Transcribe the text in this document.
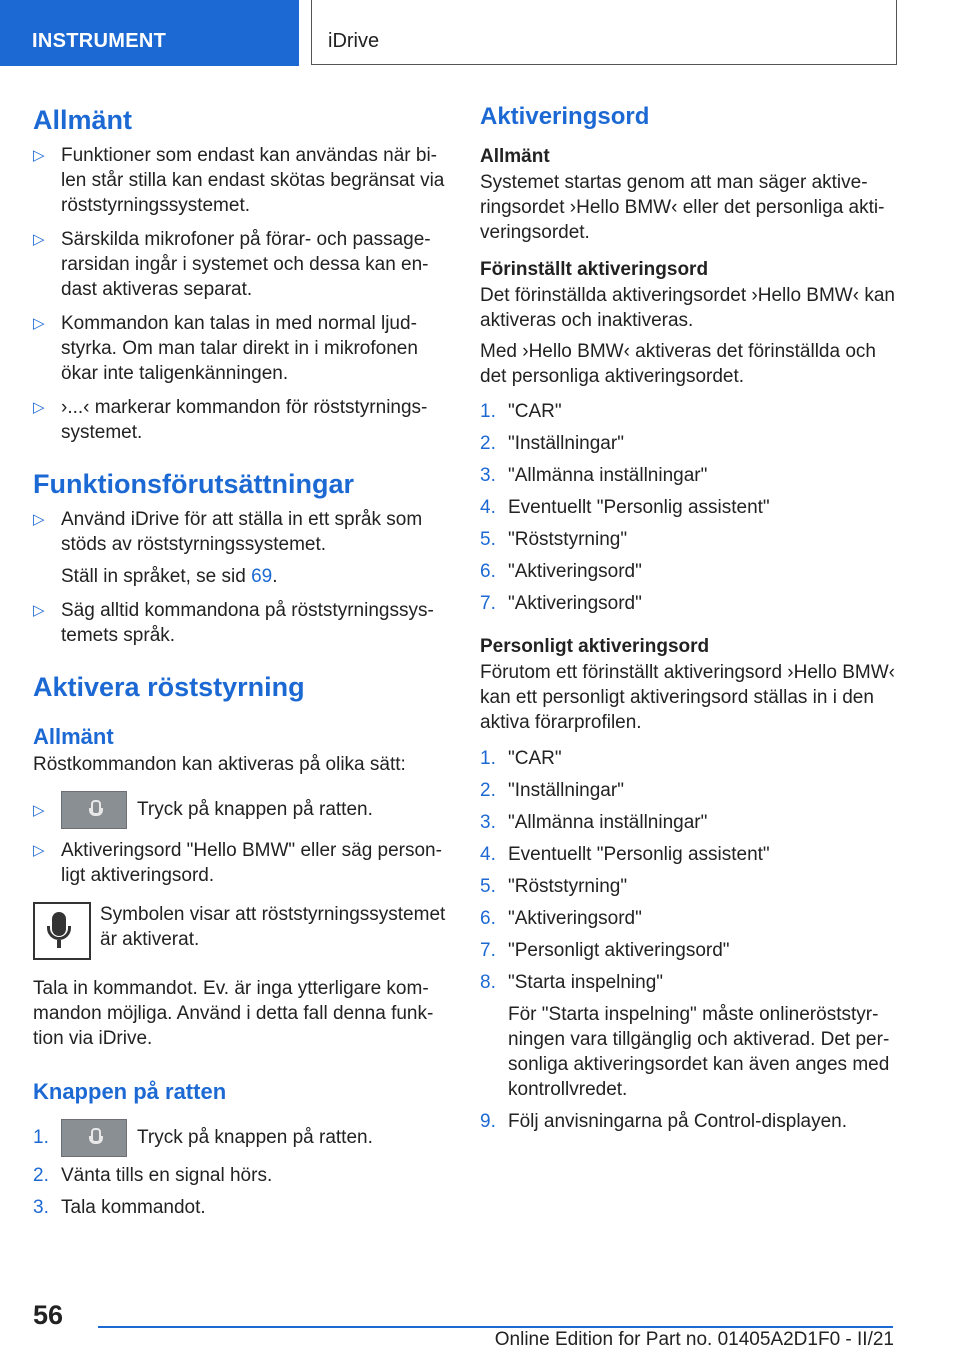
INSTRUMENT	iDrive
Allmänt
▷ Funktioner som endast kan användas när bi-len står stilla kan endast skötas begränsat via röststyrningssystemet.
▷ Särskilda mikrofoner på förar- och passage-rarsidan ingår i systemet och dessa kan en-dast aktiveras separat.
▷ Kommandon kan talas in med normal ljud-styrka. Om man talar direkt in i mikrofonen ökar inte taligenkänningen.
▷ ›...‹ markerar kommandon för röststyrnings-systemet.
Funktionsförutsättningar
▷ Använd iDrive för att ställa in ett språk som stöds av röststyrningssystemet.
Ställ in språket, se sid 69.
▷ Säg alltid kommandona på röststyrningssys-temets språk.
Aktivera röststyrning
Allmänt

Röstkommandon kan aktiveras på olika sätt:

▷	Tryck på knappen på ratten.
▷ Aktiveringsord "Hello BMW" eller säg person-ligt aktiveringsord.

Symbolen visar att röststyrningssystemet är aktiverat.

Tala in kommandot. Ev. är inga ytterligare kom-mandon möjliga. Använd i detta fall denna funk-tion via iDrive.

Knappen på ratten
1.	Tryck på knappen på ratten.
2. Vänta tills en signal hörs.
3. Tala kommandot.
Aktiveringsord
Allmänt

Systemet startas genom att man säger aktive-ringsordet ›Hello BMW‹ eller det personliga akti-veringsordet.

Förinställt aktiveringsord

Det förinställda aktiveringsordet ›Hello BMW‹ kan aktiveras och inaktiveras.

Med ›Hello BMW‹ aktiveras det förinställda och det personliga aktiveringsordet.

1. "CAR"
2. "Inställningar"
3. "Allmänna inställningar"
4. Eventuellt "Personlig assistent"
5. "Röststyrning"
6. "Aktiveringsord"
7. "Aktiveringsord"
Personligt aktiveringsord

Förutom ett förinställt aktiveringsord ›Hello BMW‹ kan ett personligt aktiveringsord ställas in i den aktiva förarprofilen.

1. "CAR"
2. "Inställningar"
3. "Allmänna inställningar"
4. Eventuellt "Personlig assistent"
5. "Röststyrning"
6. "Aktiveringsord"
7. "Personligt aktiveringsord"
8. "Starta inspelning"
För "Starta inspelning" måste onlineröststyr-ningen vara tillgänglig och aktiverad. Det per-sonliga aktiveringsordet kan även anges med kontrollvredet.
9. Följ anvisningarna på Control-displayen.
56
Online Edition for Part no. 01405A2D1F0 - II/21
